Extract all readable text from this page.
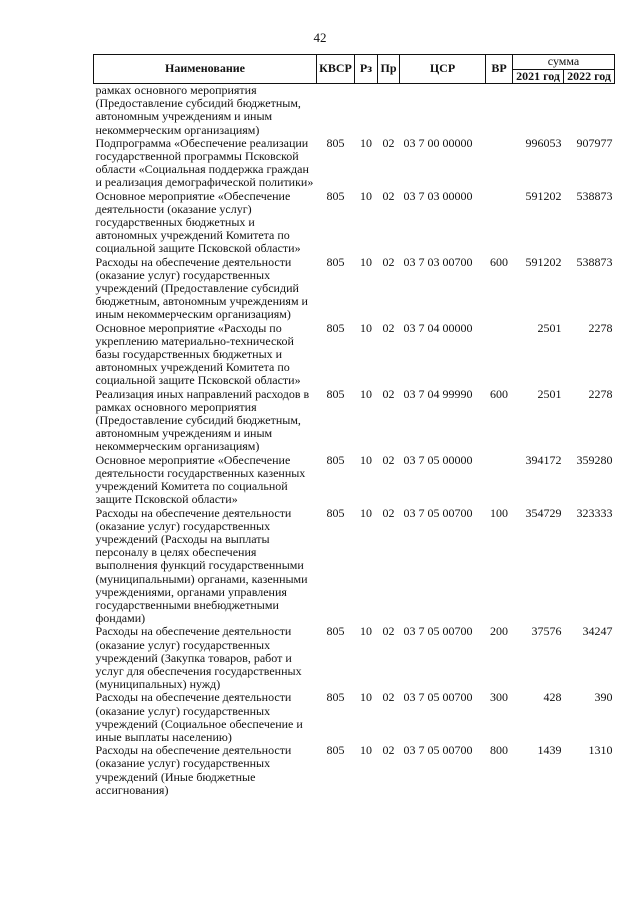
42
Наименование	КВСР	Рз	Пр	ЦСР	ВР	сумма	
						2021 год	2022 год
рамках основного мероприятия (Предоставление субсидий бюджетным, автономным учреждениям и иным некоммерческим организациям)							
Подпрограмма «Обеспечение реализации государственной программы Псковской области «Социальная поддержка граждан и реализация демографической политики»	805	10	02	03 7 00 00000		996053	907977
Основное мероприятие «Обеспечение деятельности (оказание услуг) государственных бюджетных и автономных учреждений Комитета по социальной защите Псковской области»	805	10	02	03 7 03 00000		591202	538873
Расходы на обеспечение деятельности (оказание услуг) государственных учреждений (Предоставление субсидий бюджетным, автономным учреждениям и иным некоммерческим организациям)	805	10	02	03 7 03 00700	600	591202	538873
Основное мероприятие «Расходы по укреплению материально-технической базы государственных бюджетных и автономных учреждений Комитета по социальной защите Псковской области»	805	10	02	03 7 04 00000		2501	2278
Реализация иных направлений расходов в рамках основного мероприятия (Предоставление субсидий бюджетным, автономным учреждениям и иным некоммерческим организациям)	805	10	02	03 7 04 99990	600	2501	2278
Основное мероприятие «Обеспечение деятельности государственных казенных учреждений Комитета по социальной защите Псковской области»	805	10	02	03 7 05 00000		394172	359280
Расходы на обеспечение деятельности (оказание услуг) государственных учреждений (Расходы на выплаты персоналу в целях обеспечения выполнения функций государственными (муниципальными) органами, казенными учреждениями, органами управления государственными внебюджетными фондами)	805	10	02	03 7 05 00700	100	354729	323333
Расходы на обеспечение деятельности (оказание услуг) государственных учреждений (Закупка товаров, работ и услуг для обеспечения государственных (муниципальных) нужд)	805	10	02	03 7 05 00700	200	37576	34247
Расходы на обеспечение деятельности (оказание услуг) государственных учреждений (Социальное обеспечение и иные выплаты населению)	805	10	02	03 7 05 00700	300	428	390
Расходы на обеспечение деятельности (оказание услуг) государственных учреждений (Иные бюджетные ассигнования)	805	10	02	03 7 05 00700	800	1439	1310
